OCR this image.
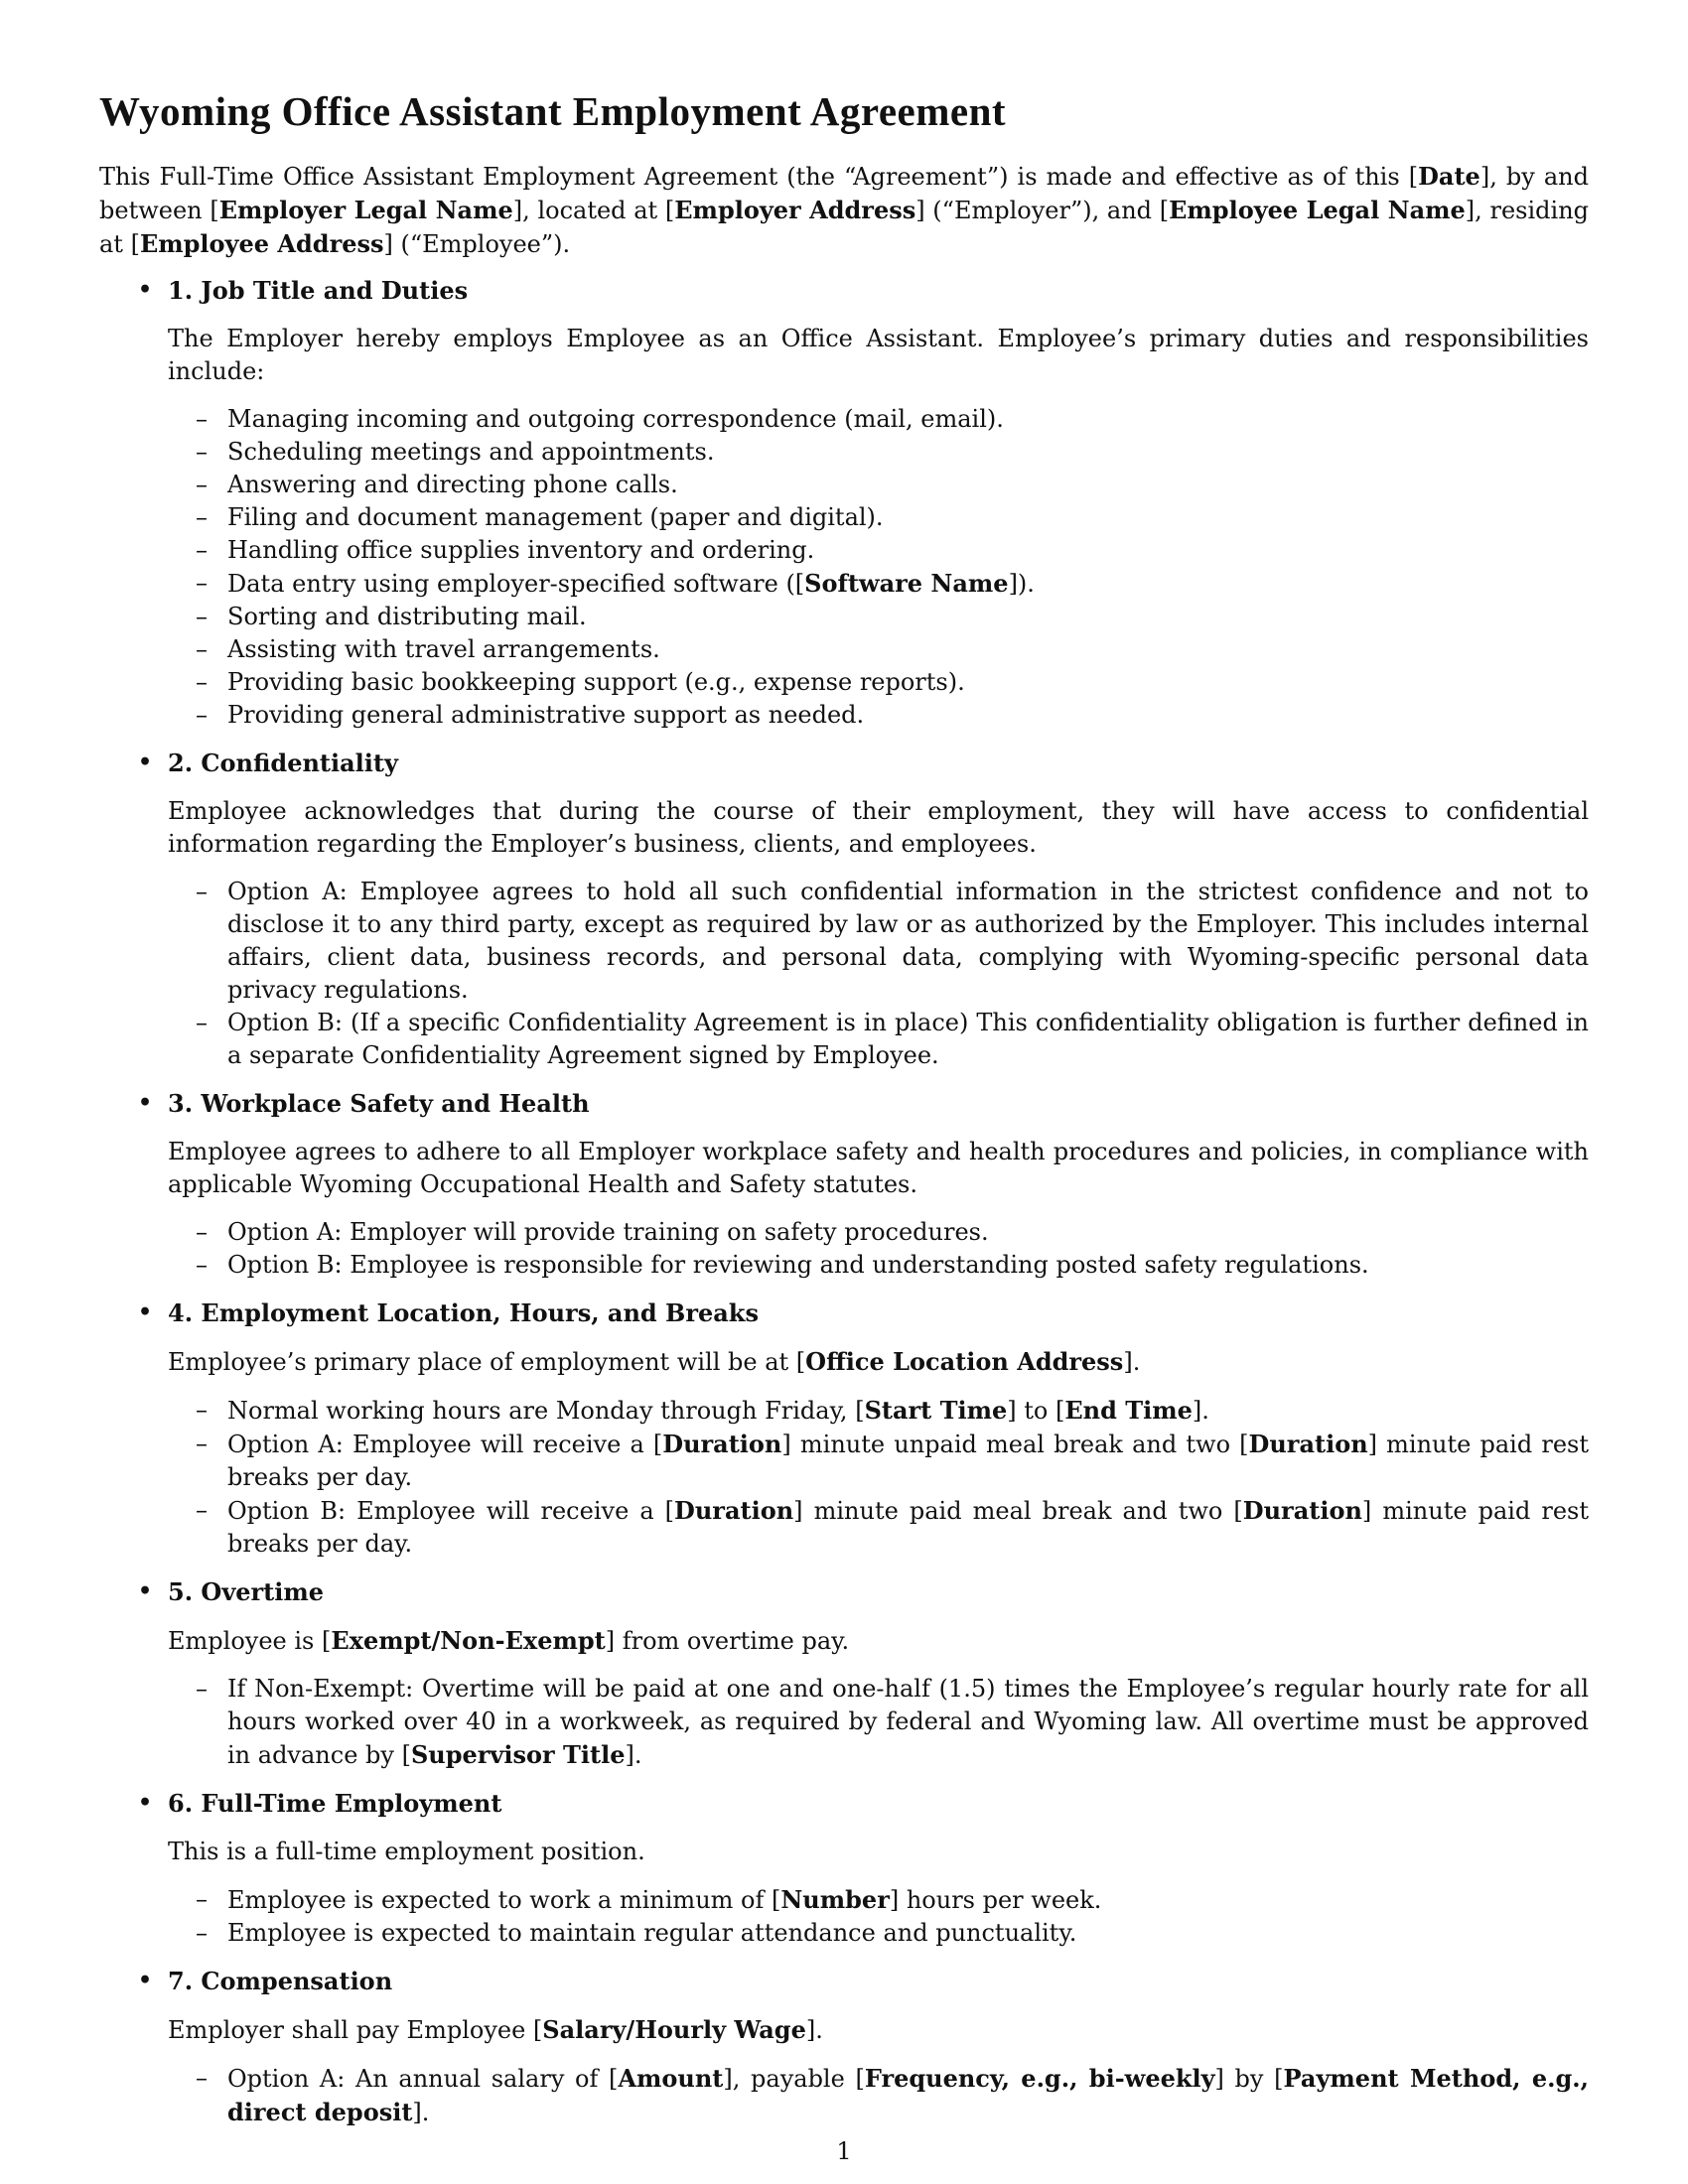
Wyoming Office Assistant Employment Agreement

This Full-Time Office Assistant Employment Agreement (the “Agreement”) is made and effective as of this [Date], by and between [Employer Legal Name], located at [Employer Address] (“Employer”), and [Employee Legal Name], residing at [Employee Address] (“Employee”).

• 1. Job Title and Duties

The Employer hereby employs Employee as an Office Assistant. Employee’s primary duties and responsibilities include:

– Managing incoming and outgoing correspondence (mail, email).
– Scheduling meetings and appointments.
– Answering and directing phone calls.
– Filing and document management (paper and digital).
– Handling office supplies inventory and ordering.
– Data entry using employer-specified software ([Software Name]).
– Sorting and distributing mail.
– Assisting with travel arrangements.
– Providing basic bookkeeping support (e.g., expense reports).
– Providing general administrative support as needed.
• 2. Confidentiality

Employee acknowledges that during the course of their employment, they will have access to confidential information regarding the Employer’s business, clients, and employees.

– Option A: Employee agrees to hold all such confidential information in the strictest confidence and not to disclose it to any third party, except as required by law or as authorized by the Employer. This includes internal affairs, client data, business records, and personal data, complying with Wyoming-specific personal data privacy regulations.
– Option B: (If a specific Confidentiality Agreement is in place) This confidentiality obligation is further defined in a separate Confidentiality Agreement signed by Employee.
• 3. Workplace Safety and Health

Employee agrees to adhere to all Employer workplace safety and health procedures and policies, in compliance with applicable Wyoming Occupational Health and Safety statutes.

– Option A: Employer will provide training on safety procedures.
– Option B: Employee is responsible for reviewing and understanding posted safety regulations.
• 4. Employment Location, Hours, and Breaks

Employee’s primary place of employment will be at [Office Location Address].

– Normal working hours are Monday through Friday, [Start Time] to [End Time].
– Option A: Employee will receive a [Duration] minute unpaid meal break and two [Duration] minute paid rest breaks per day.
– Option B: Employee will receive a [Duration] minute paid meal break and two [Duration] minute paid rest breaks per day.
• 5. Overtime

Employee is [Exempt/Non-Exempt] from overtime pay.

– If Non-Exempt: Overtime will be paid at one and one-half (1.5) times the Employee’s regular hourly rate for all hours worked over 40 in a workweek, as required by federal and Wyoming law. All overtime must be approved in advance by [Supervisor Title].
• 6. Full-Time Employment

This is a full-time employment position.

– Employee is expected to work a minimum of [Number] hours per week.
– Employee is expected to maintain regular attendance and punctuality.
• 7. Compensation

Employer shall pay Employee [Salary/Hourly Wage].

– Option A: An annual salary of [Amount], payable [Frequency, e.g., bi-weekly] by [Payment Method, e.g., direct deposit].
1
